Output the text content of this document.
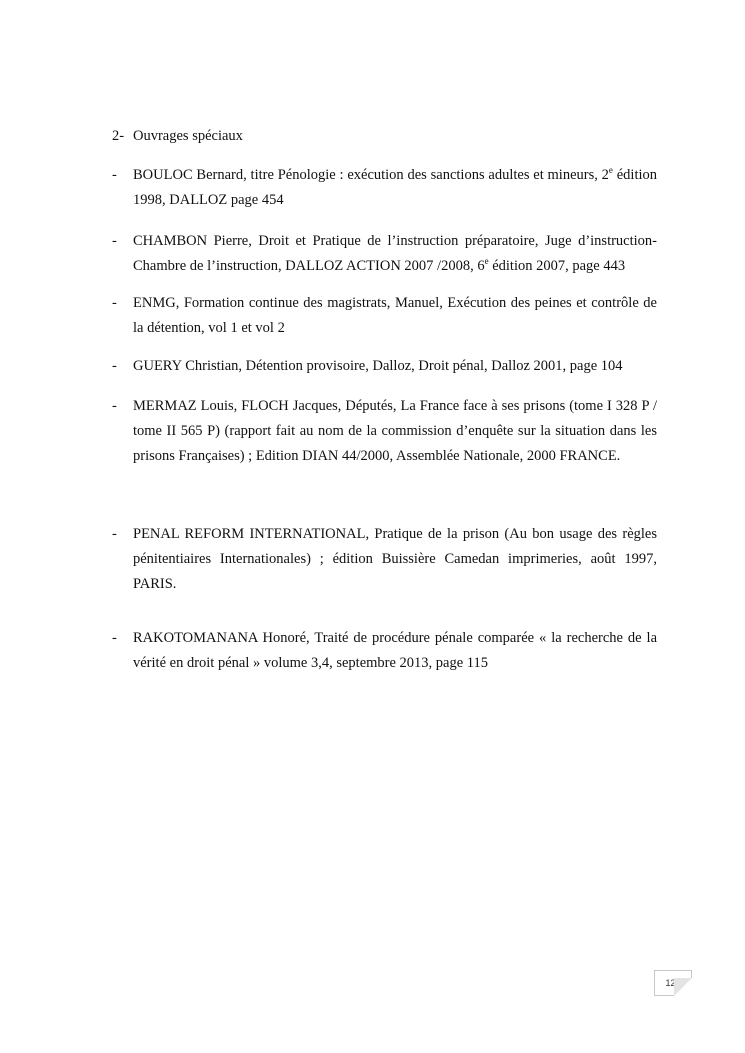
2- Ouvrages spéciaux
- BOULOC Bernard, titre Pénologie : exécution des sanctions adultes et mineurs, 2e édition 1998, DALLOZ page 454
- CHAMBON Pierre, Droit et Pratique de l’instruction préparatoire, Juge d’instruction-Chambre de l’instruction, DALLOZ ACTION 2007 /2008, 6e édition 2007, page 443
- ENMG, Formation continue des magistrats, Manuel, Exécution des peines et contrôle de la détention, vol 1 et vol 2
- GUERY Christian, Détention provisoire, Dalloz, Droit pénal, Dalloz 2001, page 104
- MERMAZ Louis, FLOCH Jacques, Députés, La France face à ses prisons (tome I 328 P / tome II 565 P) (rapport fait au nom de la commission d’enquête sur la situation dans les prisons Françaises) ; Edition DIAN 44/2000, Assemblée Nationale, 2000 FRANCE.
- PENAL REFORM INTERNATIONAL, Pratique de la prison (Au bon usage des règles pénitentiaires Internationales) ; édition Buissière Camedan imprimeries, août 1997, PARIS.
- RAKOTOMANANA Honoré, Traité de procédure pénale comparée « la recherche de la vérité en droit pénal » volume 3,4, septembre 2013, page 115
123
